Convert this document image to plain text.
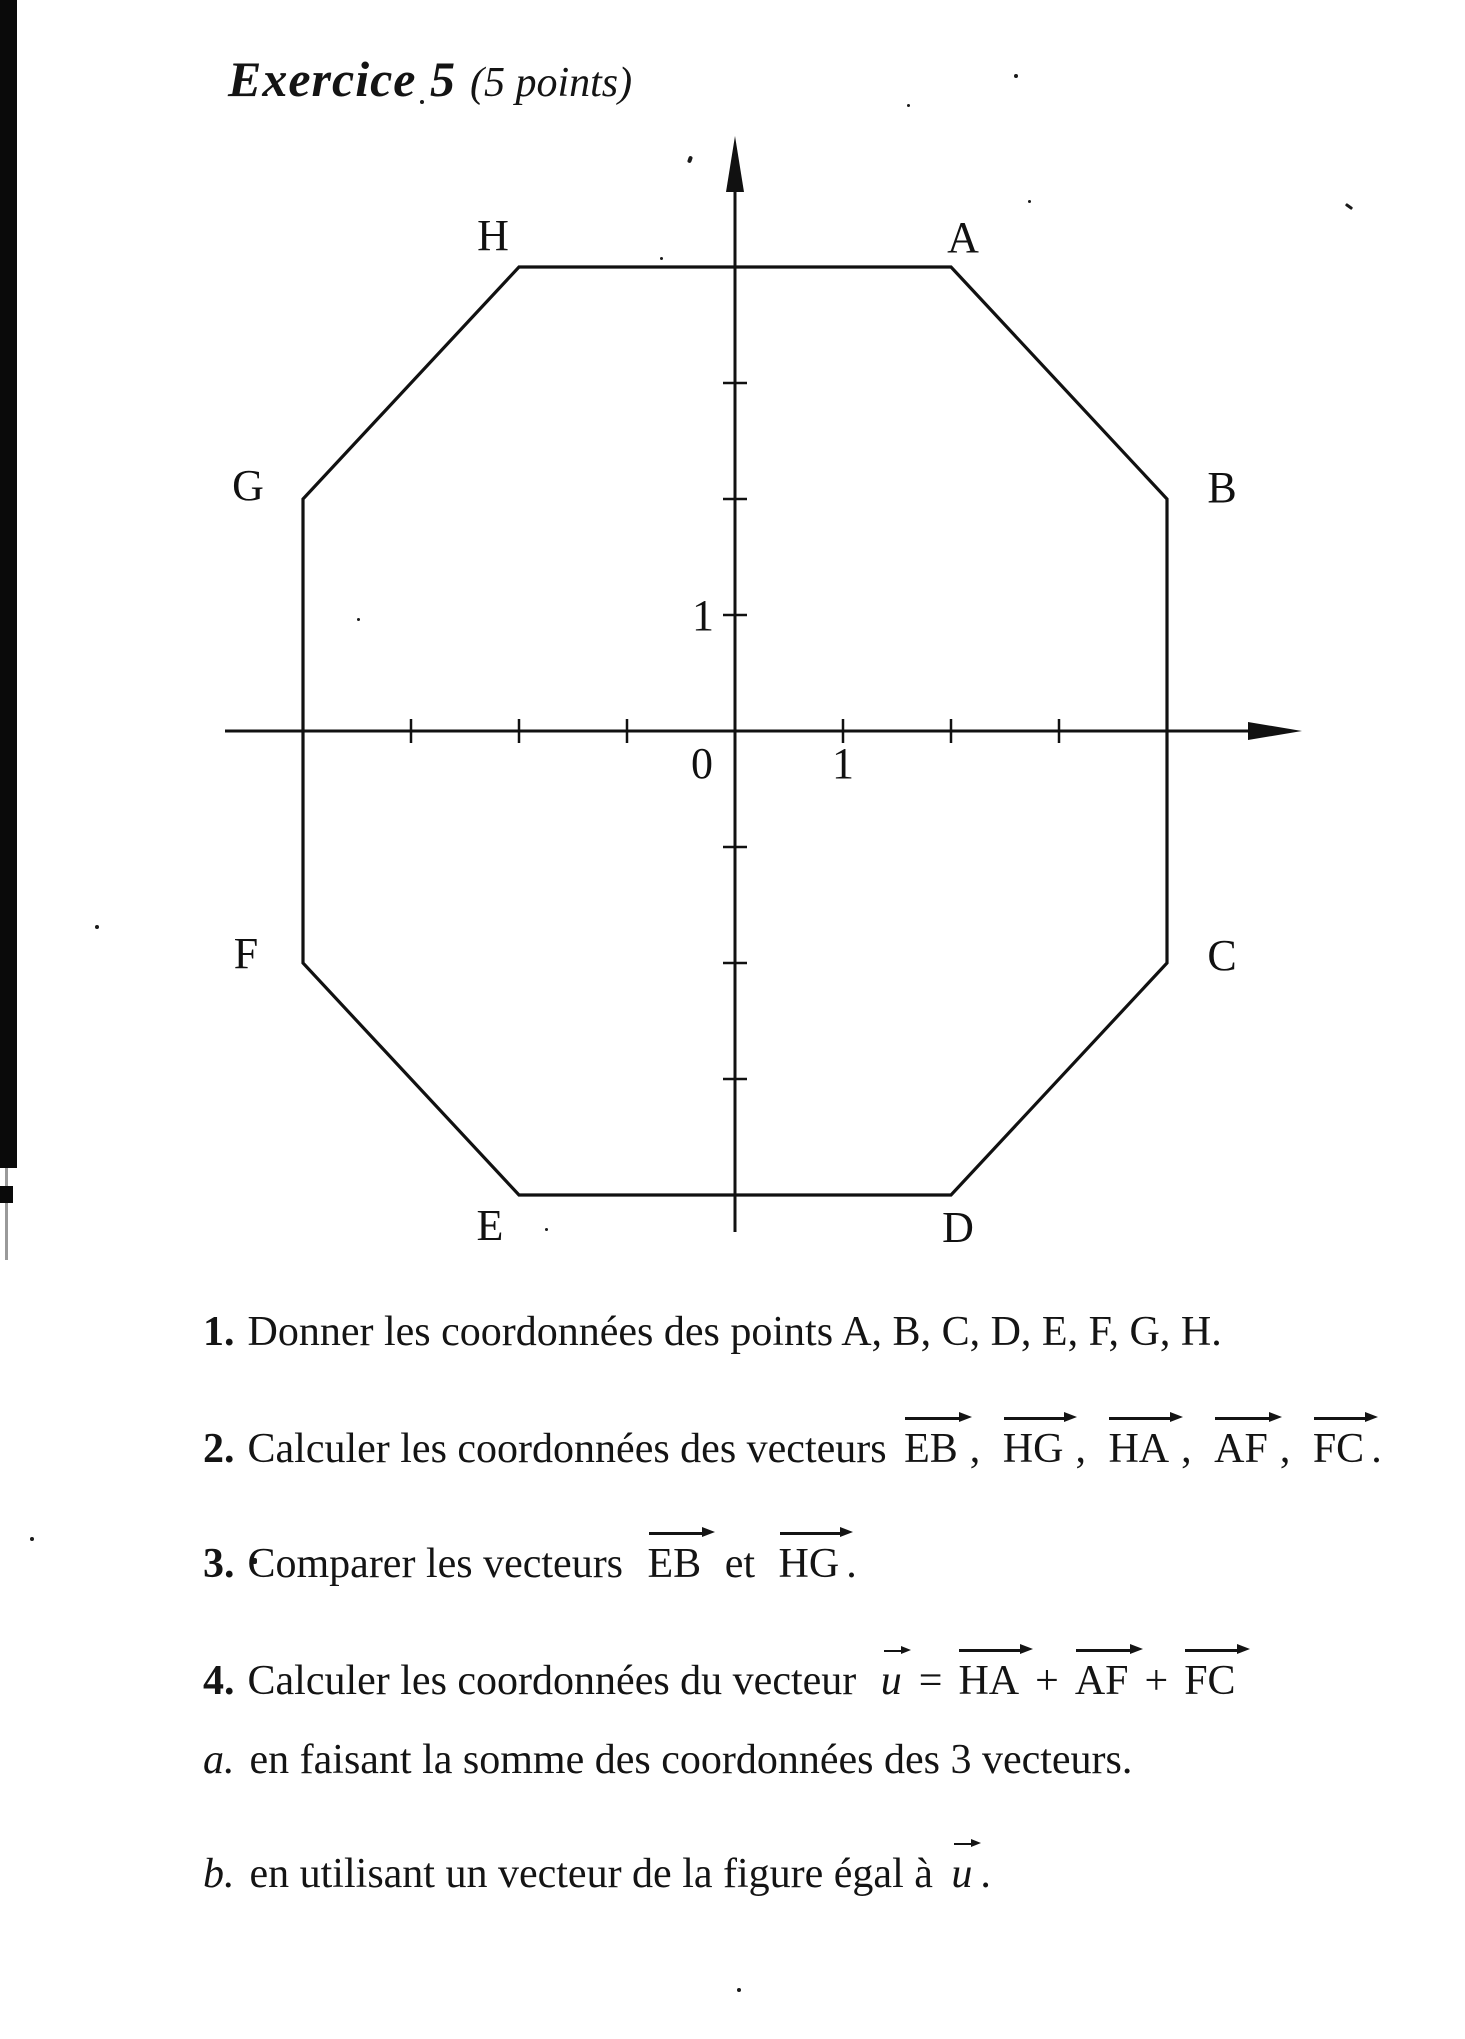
Exercice 5 (5 points)
1
0	1
A
B
C
D
E
F
G
H
1. Donner les coordonnées des points A, B, C, D, E, F, G, H.
2. Calculer les coordonnées des vecteurs EB , HG , HA , AF , FC .
3. Comparer les vecteurs EB et HG .
4. Calculer les coordonnées du vecteur u = HA + AF + FC
a. en faisant la somme des coordonnées des 3 vecteurs.
b. en utilisant un vecteur de la figure égal à u .
